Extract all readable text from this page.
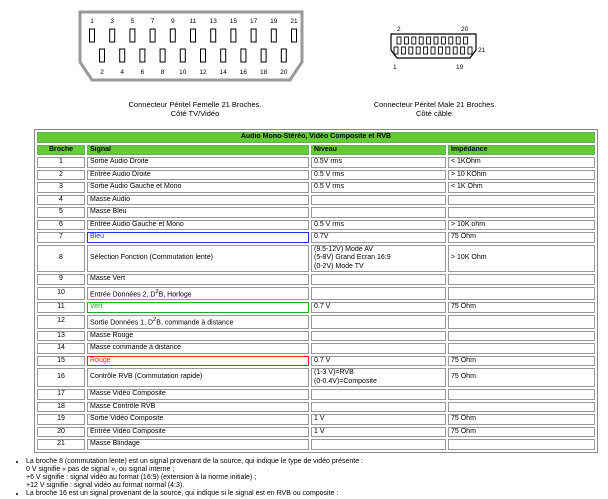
1	3	5	7	9 11 13 15 17 19 21
2	4	6	8 10 12 14 16 18 20
2	20
21
1	19
Connecteur Péritel Femelle 21 Broches.
Côté TV/Vidéo
Connecteur Péritel Male 21 Broches.
Côté câble.
Audio Mono-Stéréo, Vidéo Composite et RVB			
Broche	Signal	Niveau	Impédance
1	Sortie Audio Droite	0.5V rms	< 1KOhm
2	Entrée Audio Droite	0.5 V rms	> 10 KOhm
3	Sortie Audio Gauche et Mono	0.5 V rms	< 1K Ohm
4	Masse Audio		
5	Masse Bleu		
6	Entrée Audio Gauche et Mono	0.5 V rms	> 10K ohm
7	Bleu	0.7V	75 Ohm
8	Sélection Fonction (Commutation lente)	(9.5-12V) Mode AV
(5-8V) Grand Ecran 16:9
(0-2V) Mode TV	> 10K Ohm
9	Masse Vert		
10	Entrée Données 2, $D^2B$, Horloge		
11	Vert	0.7 V	75 Ohm
12	Sortie Données 1, $D^2B$, commande à distance		
13	Masse Rouge		
14	Masse commande à distance		
15	Rouge	0.7 V	75 Ohm
16	Contrôle RVB (Commutation rapide)	(1-3 V)=RVB
(0-0.4V)=Composite	75 Ohm
17	Masse Vidéo Composite		
18	Masse Contrôle RVB		
19	Sortie Vidéo Composite	1 V	75 Ohm
20	Entrée Vidéo Composite	1 V	75 Ohm
21	Masse Blindage		
• La broche 8 (commutation lente) est un signal provenant de la source, qui indique le type de vidéo présente :
0 V signifie « pas de signal », ou signal interne ;
+6 V signifie : signal vidéo au format (16:9) (extension à la norme initiale) ;
+12 V signifie : signal vidéo au format normal (4:3).
• La broche 16 est un signal provenant de la source, qui indique si le signal est en RVB ou composite :
